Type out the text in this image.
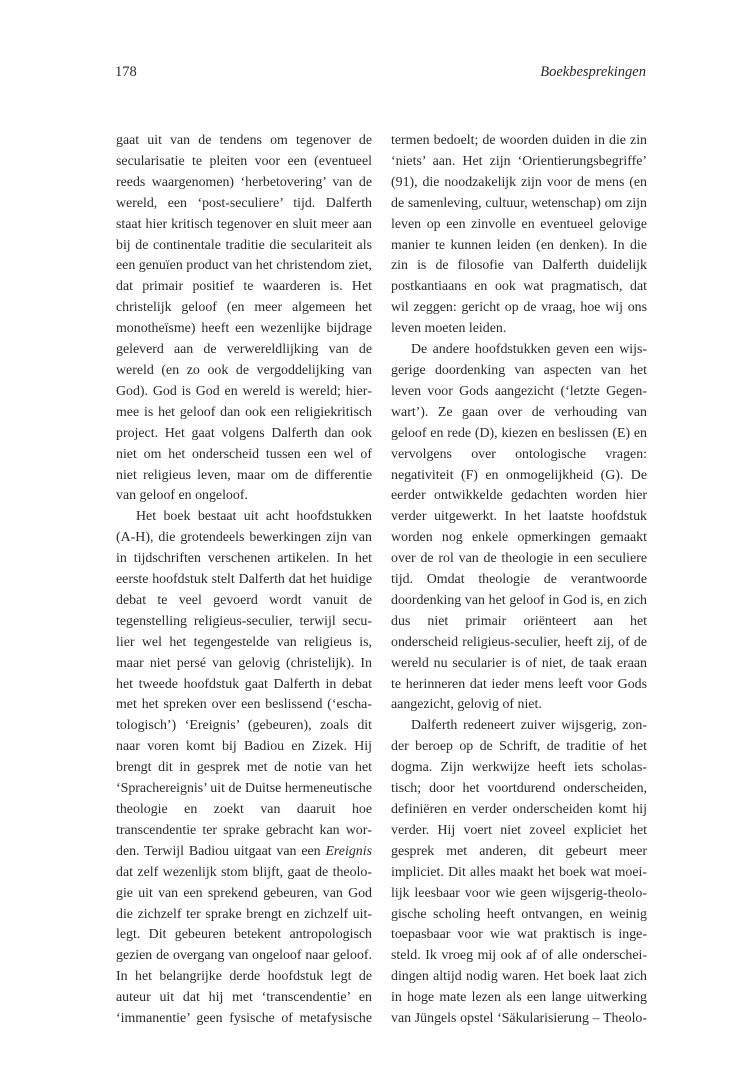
178	Boekbesprekingen

gaat uit van de tendens om tegenover de secularisatie te pleiten voor een (eventueel reeds waargenomen) ‘herbetovering’ van de wereld, een ‘post-seculiere’ tijd. Dalferth staat hier kritisch tegenover en sluit meer aan bij de continentale traditie die seculariteit als een genuïen product van het christendom ziet, dat primair positief te waarderen is. Het christelijk geloof (en meer algemeen het monotheïsme) heeft een wezenlijke bijdrage geleverd aan de verwereldlijking van de wereld (en zo ook de vergoddelijking van God). God is God en wereld is wereld; hiermee is het geloof dan ook een religiekritisch project. Het gaat volgens Dalferth dan ook niet om het onderscheid tussen een wel of niet religieus leven, maar om de differentie van geloof en ongeloof.

Het boek bestaat uit acht hoofdstukken (A-H), die grotendeels bewerkingen zijn van in tijdschriften verschenen artikelen. In het eerste hoofdstuk stelt Dalferth dat het huidige debat te veel gevoerd wordt vanuit de tegenstelling religieus-seculier, terwijl seculier wel het tegengestelde van religieus is, maar niet persé van gelovig (christelijk). In het tweede hoofdstuk gaat Dalferth in debat met het spreken over een beslissend (‘eschatologisch’) ‘Ereignis’ (gebeuren), zoals dit naar voren komt bij Badiou en Zizek. Hij brengt dit in gesprek met de notie van het ‘Sprachereignis’ uit de Duitse hermeneutische theologie en zoekt van daaruit hoe transcendentie ter sprake gebracht kan worden. Terwijl Badiou uitgaat van een Ereignis dat zelf wezenlijk stom blijft, gaat de theologie uit van een sprekend gebeuren, van God die zichzelf ter sprake brengt en zichzelf uitlegt. Dit gebeuren betekent antropologisch gezien de overgang van ongeloof naar geloof. In het belangrijke derde hoofdstuk legt de auteur uit dat hij met ‘transcendentie’ en ‘immanentie’ geen fysische of metafysische

termen bedoelt; de woorden duiden in die zin ‘niets’ aan. Het zijn ‘Orientierungsbegriffe’ (91), die noodzakelijk zijn voor de mens (en de samenleving, cultuur, wetenschap) om zijn leven op een zinvolle en eventueel gelovige manier te kunnen leiden (en denken). In die zin is de filosofie van Dalferth duidelijk postkantiaans en ook wat pragmatisch, dat wil zeggen: gericht op de vraag, hoe wij ons leven moeten leiden.

De andere hoofdstukken geven een wijsgerige doordenking van aspecten van het leven voor Gods aangezicht (‘letzte Gegenwart’). Ze gaan over de verhouding van geloof en rede (D), kiezen en beslissen (E) en vervolgens over ontologische vragen: negativiteit (F) en onmogelijkheid (G). De eerder ontwikkelde gedachten worden hier verder uitgewerkt. In het laatste hoofdstuk worden nog enkele opmerkingen gemaakt over de rol van de theologie in een seculiere tijd. Omdat theologie de verantwoorde doordenking van het geloof in God is, en zich dus niet primair oriënteert aan het onderscheid religieus-seculier, heeft zij, of de wereld nu secularier is of niet, de taak eraan te herinneren dat ieder mens leeft voor Gods aangezicht, gelovig of niet.

Dalferth redeneert zuiver wijsgerig, zonder beroep op de Schrift, de traditie of het dogma. Zijn werkwijze heeft iets scholastisch; door het voortdurend onderscheiden, definiëren en verder onderscheiden komt hij verder. Hij voert niet zoveel expliciet het gesprek met anderen, dit gebeurt meer impliciet. Dit alles maakt het boek wat moeilijk leesbaar voor wie geen wijsgerig-theologische scholing heeft ontvangen, en weinig toepasbaar voor wie wat praktisch is ingesteld. Ik vroeg mij ook af of alle onderscheidingen altijd nodig waren. Het boek laat zich in hoge mate lezen als een lange uitwerking van Jüngels opstel ‘Säkularisierung – Theolo-
